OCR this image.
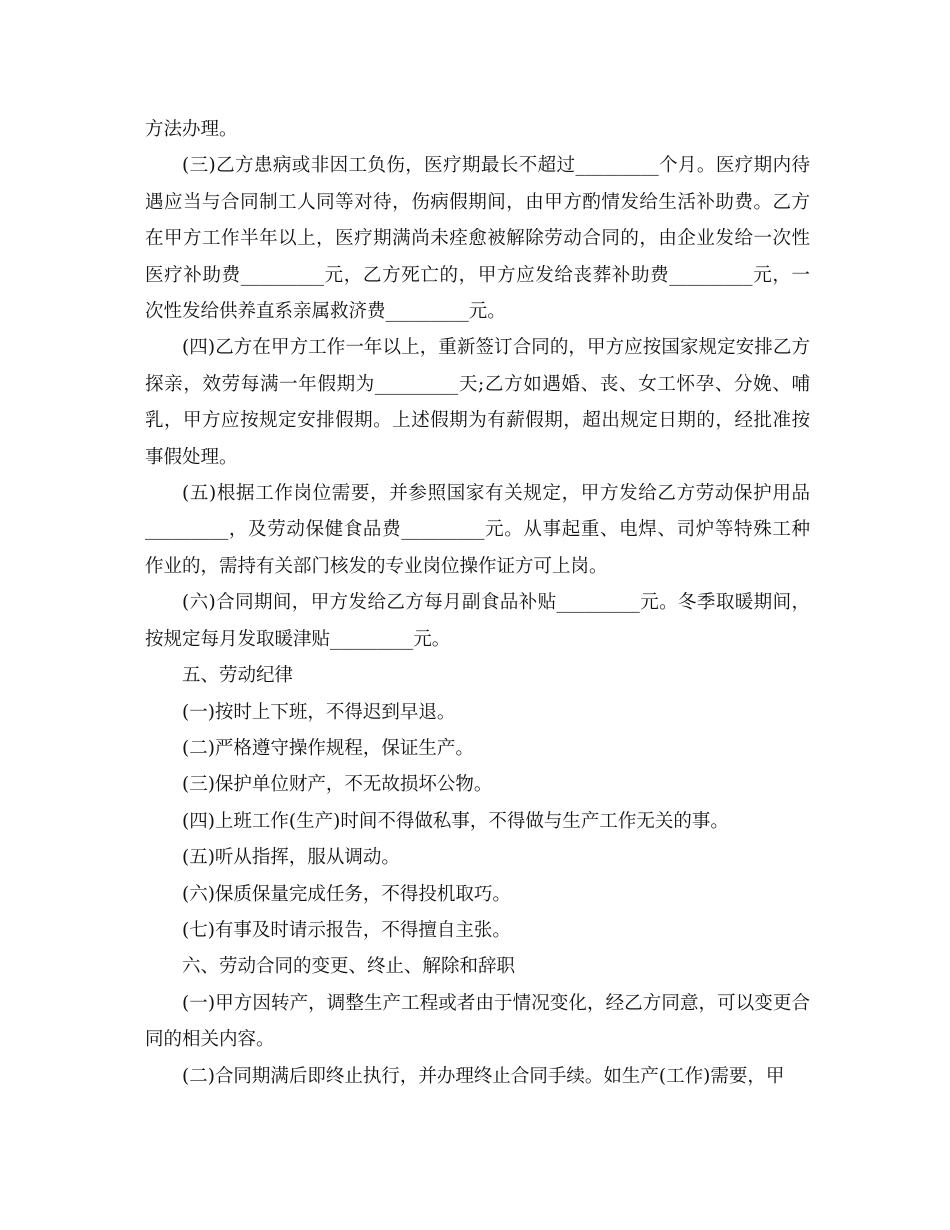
方法办理。

(三)乙方患病或非因工负伤，医疗期最长不超过_________个月。医疗期内待遇应当与合同制工人同等对待，伤病假期间，由甲方酌情发给生活补助费。乙方在甲方工作半年以上，医疗期满尚未痊愈被解除劳动合同的，由企业发给一次性医疗补助费_________元，乙方死亡的，甲方应发给丧葬补助费_________元，一次性发给供养直系亲属救济费_________元。

(四)乙方在甲方工作一年以上，重新签订合同的，甲方应按国家规定安排乙方探亲，效劳每满一年假期为_________天;乙方如遇婚、丧、女工怀孕、分娩、哺乳，甲方应按规定安排假期。上述假期为有薪假期，超出规定日期的，经批准按事假处理。

(五)根据工作岗位需要，并参照国家有关规定，甲方发给乙方劳动保护用品_________，及劳动保健食品费_________元。从事起重、电焊、司炉等特殊工种作业的，需持有关部门核发的专业岗位操作证方可上岗。

(六)合同期间，甲方发给乙方每月副食品补贴_________元。冬季取暖期间，按规定每月发取暖津贴_________元。

五、劳动纪律

(一)按时上下班，不得迟到早退。

(二)严格遵守操作规程，保证生产。

(三)保护单位财产，不无故损坏公物。

(四)上班工作(生产)时间不得做私事，不得做与生产工作无关的事。

(五)听从指挥，服从调动。

(六)保质保量完成任务，不得投机取巧。

(七)有事及时请示报告，不得擅自主张。

六、劳动合同的变更、终止、解除和辞职

(一)甲方因转产，调整生产工程或者由于情况变化，经乙方同意，可以变更合同的相关内容。

(二)合同期满后即终止执行，并办理终止合同手续。如生产(工作)需要，甲
